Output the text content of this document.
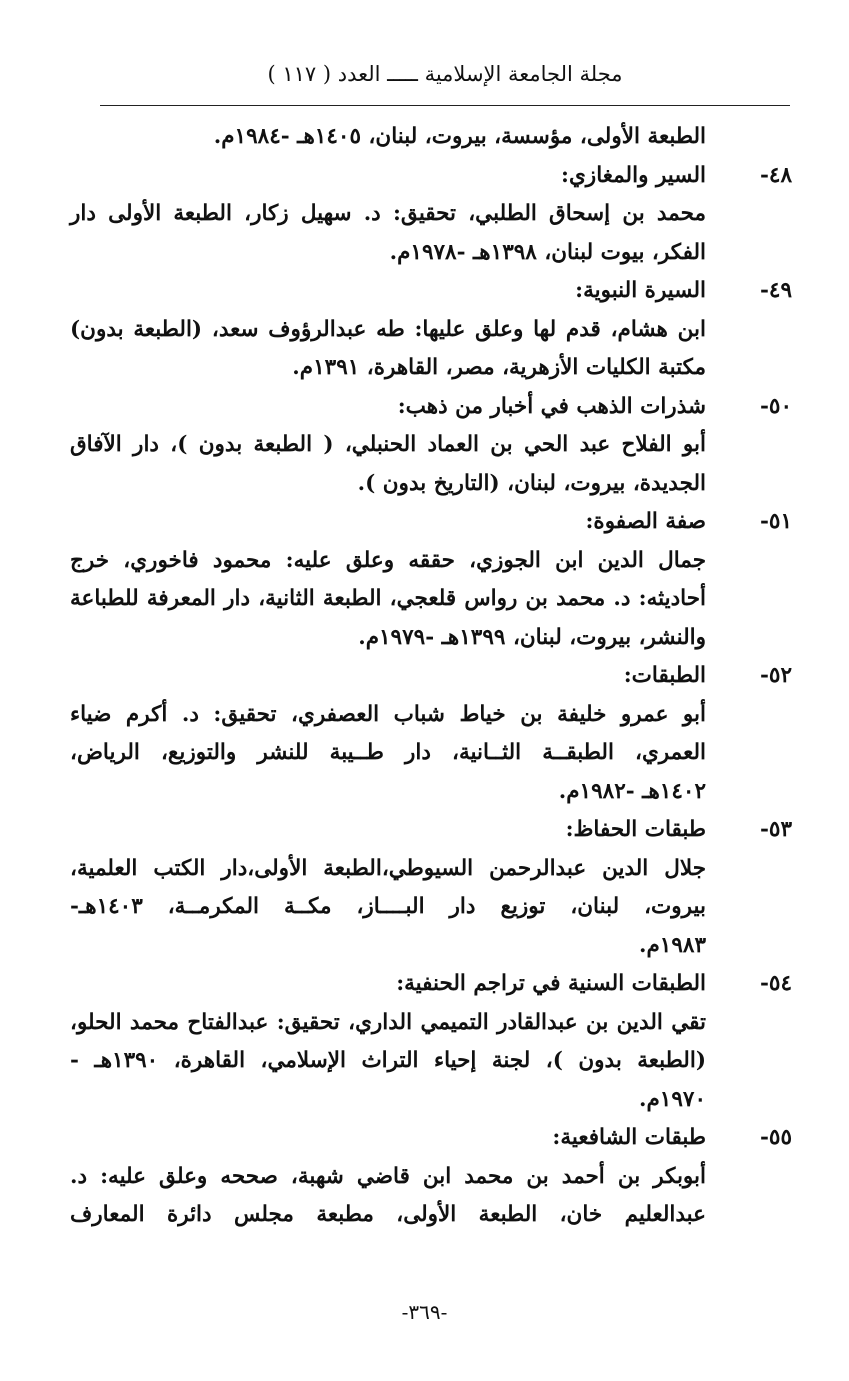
مجلة الجامعة الإسلامية ـــــ العدد ( ١١٧ )
الطبعة الأولى، مؤسسة، بيروت، لبنان، ١٤٠٥هـ -١٩٨٤م.
٤٨-
السير والمغازي:
محمد بن إسحاق الطلبي، تحقيق: د. سهيل زكار، الطبعة الأولى دار
الفكر، بيوت لبنان، ١٣٩٨هـ -١٩٧٨م.
٤٩-
السيرة النبوية:
ابن هشام، قدم لها وعلق عليها: طه عبدالرؤوف سعد، (الطبعة بدون)
مكتبة الكليات الأزهرية، مصر، القاهرة، ١٣٩١م.
٥٠-
شذرات الذهب في أخبار من ذهب:
أبو الفلاح عبد الحي بن العماد الحنبلي، ( الطبعة بدون )، دار الآفاق
الجديدة، بيروت، لبنان، (التاريخ بدون ).
٥١-
صفة الصفوة:
جمال الدين ابن الجوزي، حققه وعلق عليه: محمود فاخوري، خرج
أحاديثه: د. محمد بن رواس قلعجي، الطبعة الثانية، دار المعرفة للطباعة
والنشر، بيروت، لبنان، ١٣٩٩هـ -١٩٧٩م.
٥٢-
الطبقات:
أبو عمرو خليفة بن خياط شباب العصفري، تحقيق: د. أكرم ضياء
العمري، الطبقــة الثــانية، دار طــيبة للنشر والتوزيع، الرياض،
١٤٠٢هـ -١٩٨٢م.
٥٣-
طبقات الحفاظ:
جلال الدين عبدالرحمن السيوطي،الطبعة الأولى،دار الكتب العلمية،
بيروت، لبنان، توزيع دار البــــاز، مكــة المكرمــة، ١٤٠٣هـ-
١٩٨٣م.
٥٤-
الطبقات السنية في تراجم الحنفية:
تقي الدين بن عبدالقادر التميمي الداري، تحقيق: عبدالفتاح محمد الحلو،
(الطبعة بدون )، لجنة إحياء التراث الإسلامي، القاهرة، ١٣٩٠هـ -
١٩٧٠م.
٥٥-
طبقات الشافعية:
أبوبكر بن أحمد بن محمد ابن قاضي شهبة، صححه وعلق عليه: د.
عبدالعليم خان، الطبعة الأولى، مطبعة مجلس دائرة المعارف
-٣٦٩-
